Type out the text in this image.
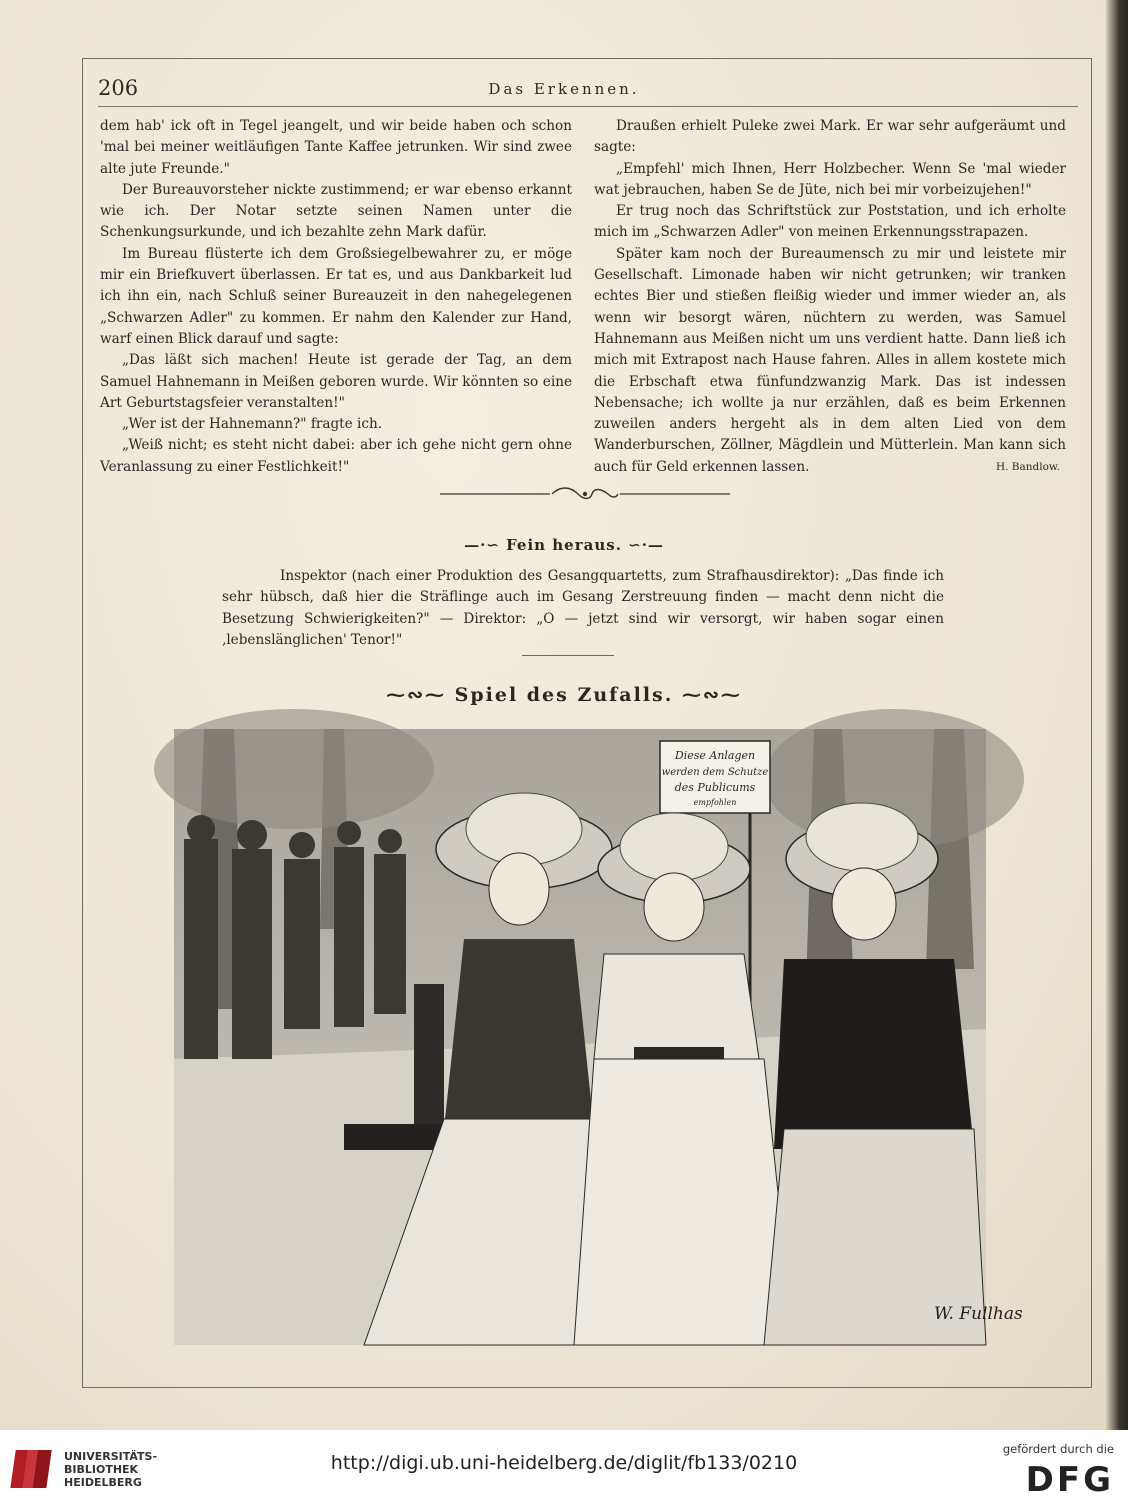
206	Das Erkennen.

dem hab' ick oft in Tegel jeangelt, und wir beide haben och schon 'mal bei meiner weitläufigen Tante Kaffee jetrunken. Wir sind zwee alte jute Freunde."

Der Bureauvorsteher nickte zustimmend; er war ebenso erkannt wie ich. Der Notar setzte seinen Namen unter die Schenkungsurkunde, und ich bezahlte zehn Mark dafür.

Im Bureau flüsterte ich dem Großsiegelbewahrer zu, er möge mir ein Briefkuvert überlassen. Er tat es, und aus Dankbarkeit lud ich ihn ein, nach Schluß seiner Bureauzeit in den nahegelegenen „Schwarzen Adler" zu kommen. Er nahm den Kalender zur Hand, warf einen Blick darauf und sagte:

„Das läßt sich machen! Heute ist gerade der Tag, an dem Samuel Hahnemann in Meißen geboren wurde. Wir könnten so eine Art Geburtstagsfeier veranstalten!"

„Wer ist der Hahnemann?" fragte ich.

„Weiß nicht; es steht nicht dabei: aber ich gehe nicht gern ohne Veranlassung zu einer Festlichkeit!"

Draußen erhielt Puleke zwei Mark. Er war sehr aufgeräumt und sagte:

„Empfehl' mich Ihnen, Herr Holzbecher. Wenn Se 'mal wieder wat jebrauchen, haben Se de Jüte, nich bei mir vorbeizujehen!"

Er trug noch das Schriftstück zur Poststation, und ich erholte mich im „Schwarzen Adler" von meinen Erkennungsstrapazen.

Später kam noch der Bureaumensch zu mir und leistete mir Gesellschaft. Limonade haben wir nicht getrunken; wir tranken echtes Bier und stießen fleißig wieder und immer wieder an, als wenn wir besorgt wären, nüchtern zu werden, was Samuel Hahnemann aus Meißen nicht um uns verdient hatte. Dann ließ ich mich mit Extrapost nach Hause fahren. Alles in allem kostete mich die Erbschaft etwa fünfundzwanzig Mark. Das ist indessen Nebensache; ich wollte ja nur erzählen, daß es beim Erkennen zuweilen anders hergeht als in dem alten Lied von dem Wanderburschen, Zöllner, Mägdlein und Mütterlein. Man kann sich auch für Geld erkennen lassen.	H. Bandlow.

—·∽ Fein heraus. ∽·—

Inspektor (nach einer Produktion des Gesangquartetts, zum Strafhausdirektor): „Das finde ich sehr hübsch, daß hier die Sträflinge auch im Gesang Zerstreuung finden — macht denn nicht die Besetzung Schwierigkeiten?" — Direktor: „O — jetzt sind wir versorgt, wir haben sogar einen ‚lebenslänglichen' Tenor!"

⁓∾⁓ Spiel des Zufalls. ⁓∾⁓
Diese Anlagen
werden dem Schutze
des Publicums
empfohlen
W. Fullhas
UNIVERSITÄTS-
BIBLIOTHEK
HEIDELBERG
http://digi.ub.uni-heidelberg.de/diglit/fb133/0210
gefördert durch die
DFG
